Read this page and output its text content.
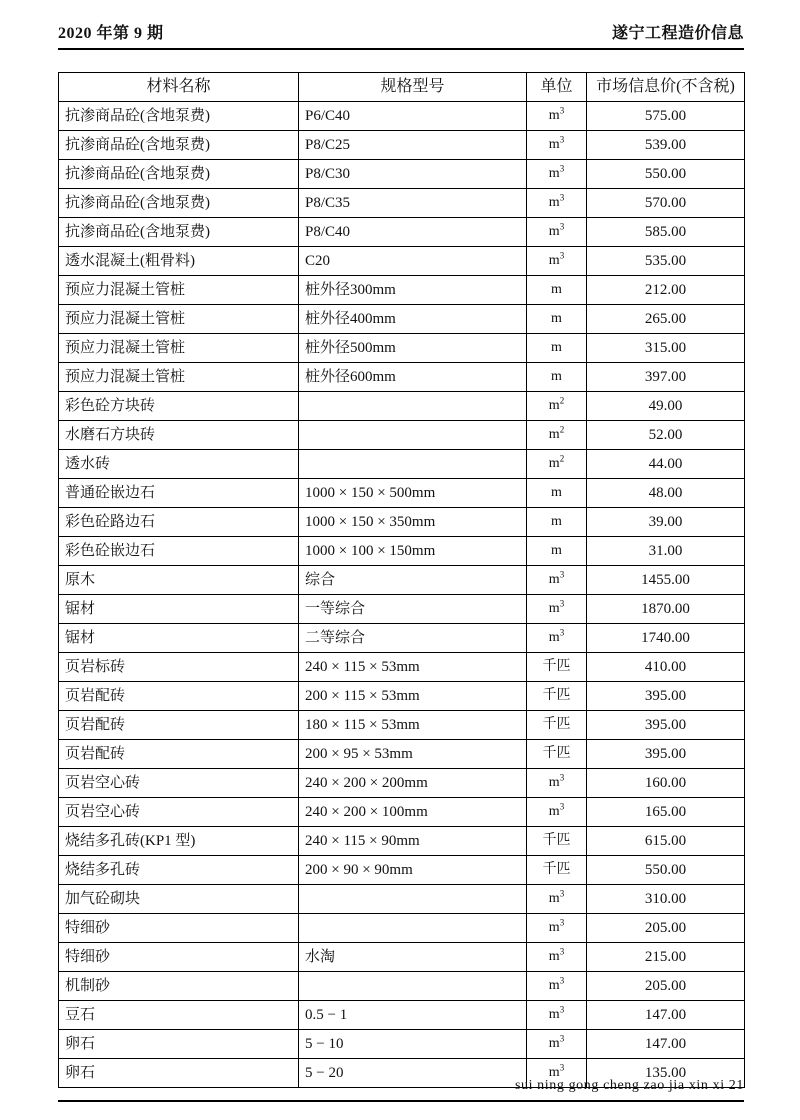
2020 年第 9 期	遂宁工程造价信息
材料名称	规格型号	单位	市场信息价(不含税)
抗渗商品砼(含地泵费)	P6/C40	$m^3$	575.00
抗渗商品砼(含地泵费)	P8/C25	$m^3$	539.00
抗渗商品砼(含地泵费)	P8/C30	$m^3$	550.00
抗渗商品砼(含地泵费)	P8/C35	$m^3$	570.00
抗渗商品砼(含地泵费)	P8/C40	$m^3$	585.00
透水混凝土(粗骨料)	C20	$m^3$	535.00
预应力混凝土管桩	桩外径300mm	m	212.00
预应力混凝土管桩	桩外径400mm	m	265.00
预应力混凝土管桩	桩外径500mm	m	315.00
预应力混凝土管桩	桩外径600mm	m	397.00
彩色砼方块砖		$m^2$	49.00
水磨石方块砖		$m^2$	52.00
透水砖		$m^2$	44.00
普通砼嵌边石	1000 × 150 × 500mm	m	48.00
彩色砼路边石	1000 × 150 × 350mm	m	39.00
彩色砼嵌边石	1000 × 100 × 150mm	m	31.00
原木	综合	$m^3$	1455.00
锯材	一等综合	$m^3$	1870.00
锯材	二等综合	$m^3$	1740.00
页岩标砖	240 × 115 × 53mm	千匹	410.00
页岩配砖	200 × 115 × 53mm	千匹	395.00
页岩配砖	180 × 115 × 53mm	千匹	395.00
页岩配砖	200 × 95 × 53mm	千匹	395.00
页岩空心砖	240 × 200 × 200mm	$m^3$	160.00
页岩空心砖	240 × 200 × 100mm	$m^3$	165.00
烧结多孔砖(KP1 型)	240 × 115 × 90mm	千匹	615.00
烧结多孔砖	200 × 90 × 90mm	千匹	550.00
加气砼砌块		$m^3$	310.00
特细砂		$m^3$	205.00
特细砂	水淘	$m^3$	215.00
机制砂		$m^3$	205.00
豆石	0.5 − 1	$m^3$	147.00
卵石	5 − 10	$m^3$	147.00
卵石	5 − 20	$m^3$	135.00
sui ning gong cheng zao jia xin xi 21
